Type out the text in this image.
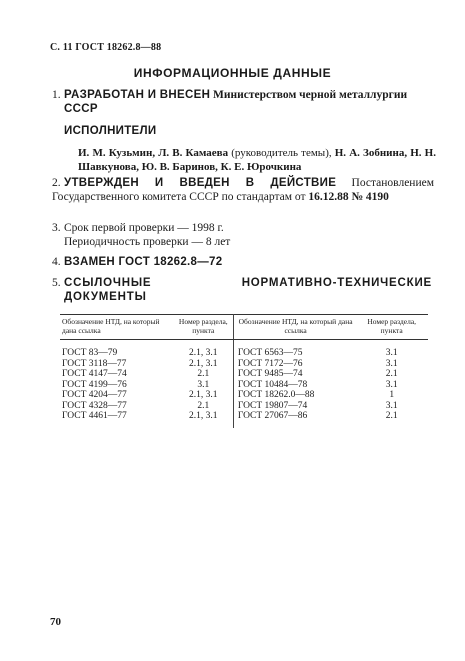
С. 11 ГОСТ 18262.8—88
ИНФОРМАЦИОННЫЕ ДАННЫЕ
1. РАЗРАБОТАН И ВНЕСЕН Министерством черной металлургии
СССР
ИСПОЛНИТЕЛИ
И. М. Кузьмин, Л. В. Камаева (руководитель темы), Н. А. Зобнина, Н. Н. Шавкунова, Ю. В. Баринов, К. Е. Юрочкина
2. УТВЕРЖДЕН И ВВЕДЕН В ДЕЙСТВИЕ Постановлением Государственного комитета СССР по стандартам от 16.12.88 № 4190
3. Срок первой проверки — 1998 г.
Периодичность проверки — 8 лет
4. ВЗАМЕН ГОСТ 18262.8—72
5. ССЫЛОЧНЫЕ НОРМАТИВНО-ТЕХНИЧЕСКИЕ ДОКУМЕНТЫ
Обозначение НТД, на который дана ссылка	Номер раздела, пункта	Обозначение НТД, на который дана ссылка	Номер раздела, пункта
ГОСТ 83—79	2.1, 3.1	ГОСТ 6563—75	3.1
ГОСТ 3118—77	2.1, 3.1	ГОСТ 7172—76	3.1
ГОСТ 4147—74	2.1	ГОСТ 9485—74	2.1
ГОСТ 4199—76	3.1	ГОСТ 10484—78	3.1
ГОСТ 4204—77	2.1, 3.1	ГОСТ 18262.0—88	1
ГОСТ 4328—77	2.1	ГОСТ 19807—74	3.1
ГОСТ 4461—77	2.1, 3.1	ГОСТ 27067—86	2.1
70
